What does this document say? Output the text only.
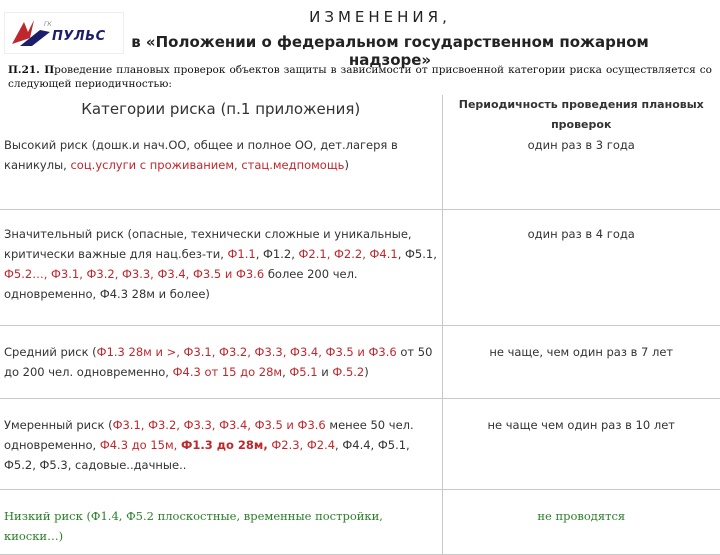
ГК
ПУЛЬС
ИЗМЕНЕНИЯ,
в «Положении о федеральном государственном пожарном надзоре»
П.21. Проведение плановых проверок объектов защиты в зависимости от присвоенной категории риска осуществляется со следующей периодичностью:
Категории риска (п.1 приложения)	Периодичность проведения плановых проверок
Высокий риск (дошк.и нач.ОО, общее и полное ОО, дет.лагеря в каникулы, соц.услуги с проживанием, стац.медпомощь)	один раз в 3 года
Значительный риск (опасные, технически сложные и уникальные, критически важные для нац.без-ти, Ф1.1, Ф1.2, Ф2.1, Ф2.2, Ф4.1, Ф5.1, Ф5.2…, Ф3.1, Ф3.2, Ф3.3, Ф3.4, Ф3.5 и Ф3.6 более 200 чел. одновременно, Ф4.3 28м и более)	один раз в 4 года
Средний риск (Ф1.3 28м и >, Ф3.1, Ф3.2, Ф3.3, Ф3.4, Ф3.5 и Ф3.6 от 50 до 200 чел. одновременно, Ф4.3 от 15 до 28м, Ф5.1 и Ф.5.2)	не чаще, чем один раз в 7 лет
Умеренный риск (Ф3.1, Ф3.2, Ф3.3, Ф3.4, Ф3.5 и Ф3.6 менее 50 чел. одновременно, Ф4.3 до 15м, Ф1.3 до 28м, Ф2.3, Ф2.4, Ф4.4, Ф5.1, Ф5.2, Ф5.3, садовые..дачные..	не чаще чем один раз в 10 лет
Низкий риск (Ф1.4, Ф5.2 плоскостные, временные постройки, киоски…)	не проводятся
